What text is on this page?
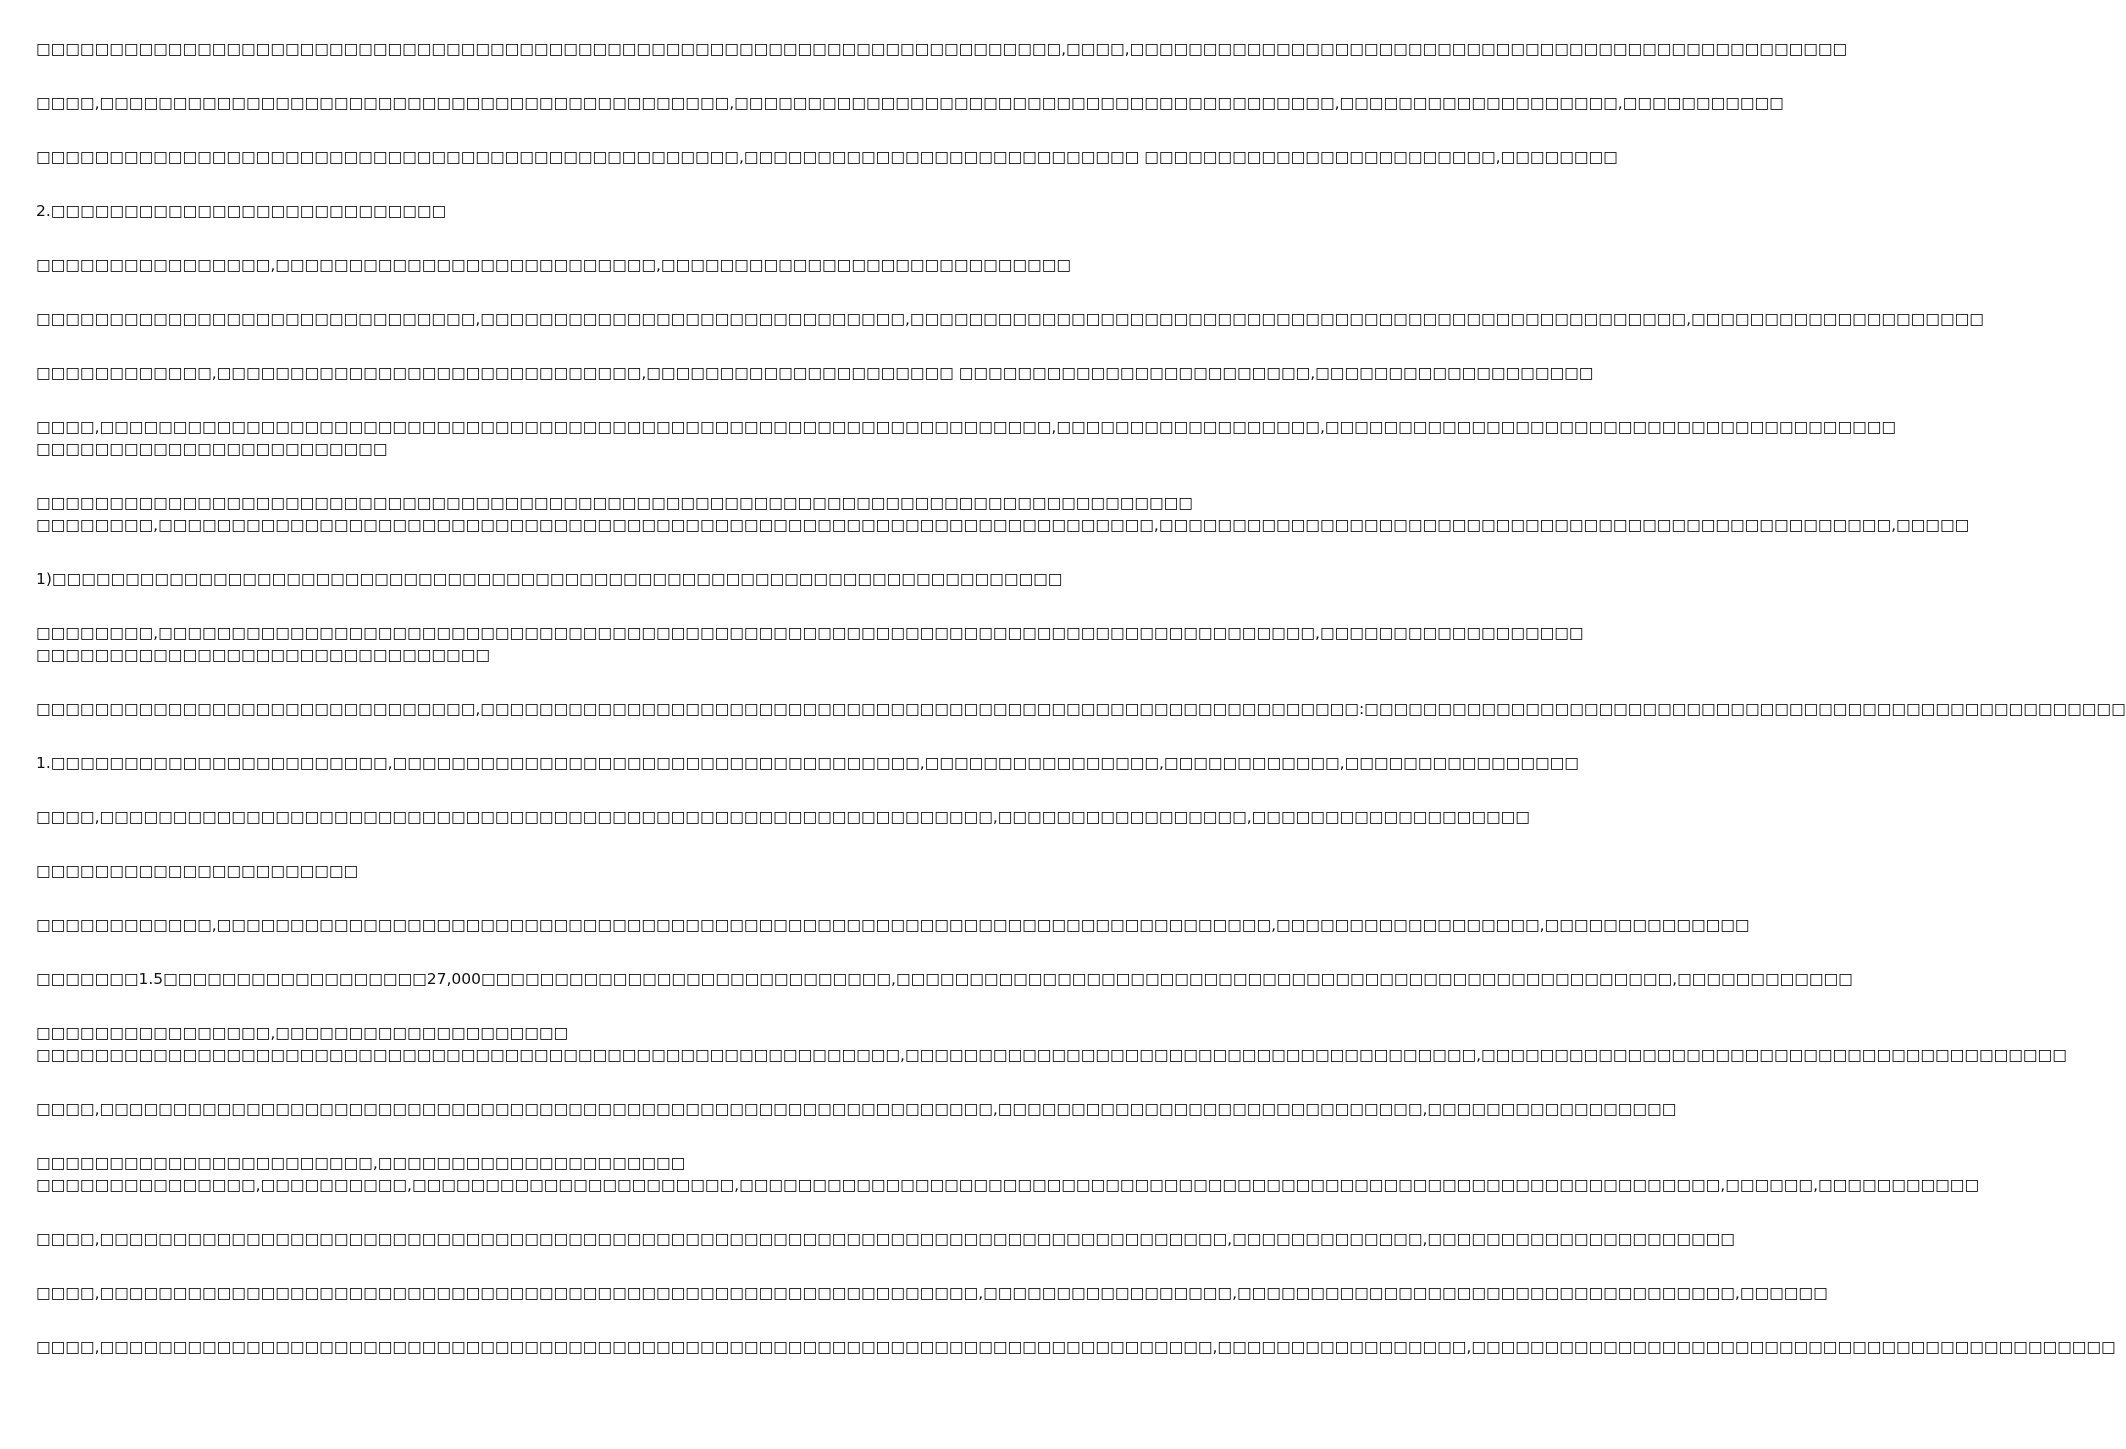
□□□□□□□□□□□□□□□□□□□□□□□□□□□□□□□□□□□□□□□□□□□□□□□□□□□□□□□□□□□□□□□□□□□□□□,□□□□,□□□□□□□□□□□□□□□□□□□□□□□□□□□□□□□□□□□□□□□□□□□□□□□□□

□□□□,□□□□□□□□□□□□□□□□□□□□□□□□□□□□□□□□□□□□□□□□□□□,□□□□□□□□□□□□□□□□□□□□□□□□□□□□□□□□□□□□□□□□□,□□□□□□□□□□□□□□□□□□□,□□□□□□□□□□□

□□□□□□□□□□□□□□□□□□□□□□□□□□□□□□□□□□□□□□□□□□□□□□□□,□□□□□□□□□□□□□□□□□□□□□□□□□□□ □□□□□□□□□□□□□□□□□□□□□□□□,□□□□□□□□

2.□□□□□□□□□□□□□□□□□□□□□□□□□□□

□□□□□□□□□□□□□□□□,□□□□□□□□□□□□□□□□□□□□□□□□□□,□□□□□□□□□□□□□□□□□□□□□□□□□□□□

□□□□□□□□□□□□□□□□□□□□□□□□□□□□□□,□□□□□□□□□□□□□□□□□□□□□□□□□□□□□,□□□□□□□□□□□□□□□□□□□□□□□□□□□□□□□□□□□□□□□□□□□□□□□□□□□□□,□□□□□□□□□□□□□□□□□□□□

□□□□□□□□□□□□,□□□□□□□□□□□□□□□□□□□□□□□□□□□□□,□□□□□□□□□□□□□□□□□□□□□ □□□□□□□□□□□□□□□□□□□□□□□□,□□□□□□□□□□□□□□□□□□□

□□□□,□□□□□□□□□□□□□□□□□□□□□□□□□□□□□□□□□□□□□□□□□□□□□□□□□□□□□□□□□□□□□□□□□,□□□□□□□□□□□□□□□□□□,□□□□□□□□□□□□□□□□□□□□□□□□□□□□□□□□□□□□□□□

□□□□□□□□□□□□□□□□□□□□□□□□

□□□□□□□□□□□□□□□□□□□□□□□□□□□□□□□□□□□□□□□□□□□□□□□□□□□□□□□□□□□□□□□□□□□□□□□□□□□□□□□

□□□□□□□□,□□□□□□□□□□□□□□□□□□□□□□□□□□□□□□□□□□□□□□□□□□□□□□□□□□□□□□□□□□□□□□□□□□□□,□□□□□□□□□□□□□□□□□□□□□□□□□□□□□□□□□□□□□□□□□□□□□□□□□□,□□□□□

1)□□□□□□□□□□□□□□□□□□□□□□□□□□□□□□□□□□□□□□□□□□□□□□□□□□□□□□□□□□□□□□□□□□□□□

□□□□□□□□,□□□□□□□□□□□□□□□□□□□□□□□□□□□□□□□□□□□□□□□□□□□□□□□□□□□□□□□□□□□□□□□□□□□□□□□□□□□□□□□,□□□□□□□□□□□□□□□□□□

□□□□□□□□□□□□□□□□□□□□□□□□□□□□□□□

□□□□□□□□□□□□□□□□□□□□□□□□□□□□□□,□□□□□□□□□□□□□□□□□□□□□□□□□□□□□□□□□□□□□□□□□□□□□□□□□□□□□□□□□□□□:□□□□□□□□□□□□□□□□□□□□□□□□□□□□□□□□□□□□□□□□□□□□□□□□□□□□

1.□□□□□□□□□□□□□□□□□□□□□□□,□□□□□□□□□□□□□□□□□□□□□□□□□□□□□□□□□□□□,□□□□□□□□□□□□□□□□,□□□□□□□□□□□□,□□□□□□□□□□□□□□□□

□□□□,□□□□□□□□□□□□□□□□□□□□□□□□□□□□□□□□□□□□□□□□□□□□□□□□□□□□□□□□□□□□□,□□□□□□□□□□□□□□□□□,□□□□□□□□□□□□□□□□□□□

□□□□□□□□□□□□□□□□□□□□□□

□□□□□□□□□□□□,□□□□□□□□□□□□□□□□□□□□□□□□□□□□□□□□□□□□□□□□□□□□□□□□□□□□□□□□□□□□□□□□□□□□□□□□,□□□□□□□□□□□□□□□□□□,□□□□□□□□□□□□□□

□□□□□□□1.5□□□□□□□□□□□□□□□□□□27,000□□□□□□□□□□□□□□□□□□□□□□□□□□□□,□□□□□□□□□□□□□□□□□□□□□□□□□□□□□□□□□□□□□□□□□□□□□□□□□□□□□,□□□□□□□□□□□□

□□□□□□□□□□□□□□□□,□□□□□□□□□□□□□□□□□□□□

□□□□□□□□□□□□□□□□□□□□□□□□□□□□□□□□□□□□□□□□□□□□□□□□□□□□□□□□□□□,□□□□□□□□□□□□□□□□□□□□□□□□□□□□□□□□□□□□□□□,□□□□□□□□□□□□□□□□□□□□□□□□□□□□□□□□□□□□□□□□

□□□□,□□□□□□□□□□□□□□□□□□□□□□□□□□□□□□□□□□□□□□□□□□□□□□□□□□□□□□□□□□□□□,□□□□□□□□□□□□□□□□□□□□□□□□□□□□□,□□□□□□□□□□□□□□□□□

□□□□□□□□□□□□□□□□□□□□□□□,□□□□□□□□□□□□□□□□□□□□□

□□□□□□□□□□□□□□□,□□□□□□□□□□,□□□□□□□□□□□□□□□□□□□□□□,□□□□□□□□□□□□□□□□□□□□□□□□□□□□□□□□□□□□□□□□□□□□□□□□□□□□□□□□□□□□□□□□□□□,□□□□□□,□□□□□□□□□□□

□□□□,□□□□□□□□□□□□□□□□□□□□□□□□□□□□□□□□□□□□□□□□□□□□□□□□□□□□□□□□□□□□□□□□□□□□□□□□□□□□□,□□□□□□□□□□□□□,□□□□□□□□□□□□□□□□□□□□□

□□□□,□□□□□□□□□□□□□□□□□□□□□□□□□□□□□□□□□□□□□□□□□□□□□□□□□□□□□□□□□□□□,□□□□□□□□□□□□□□□□□,□□□□□□□□□□□□□□□□□□□□□□□□□□□□□□□□□□,□□□□□□

□□□□,□□□□□□□□□□□□□□□□□□□□□□□□□□□□□□□□□□□□□□□□□□□□□□□□□□□□□□□□□□□□□□□□□□□□□□□□□□□□,□□□□□□□□□□□□□□□□□,□□□□□□□□□□□□□□□□□□□□□□□□□□□□□□□□□□□□□□□□□□□□
